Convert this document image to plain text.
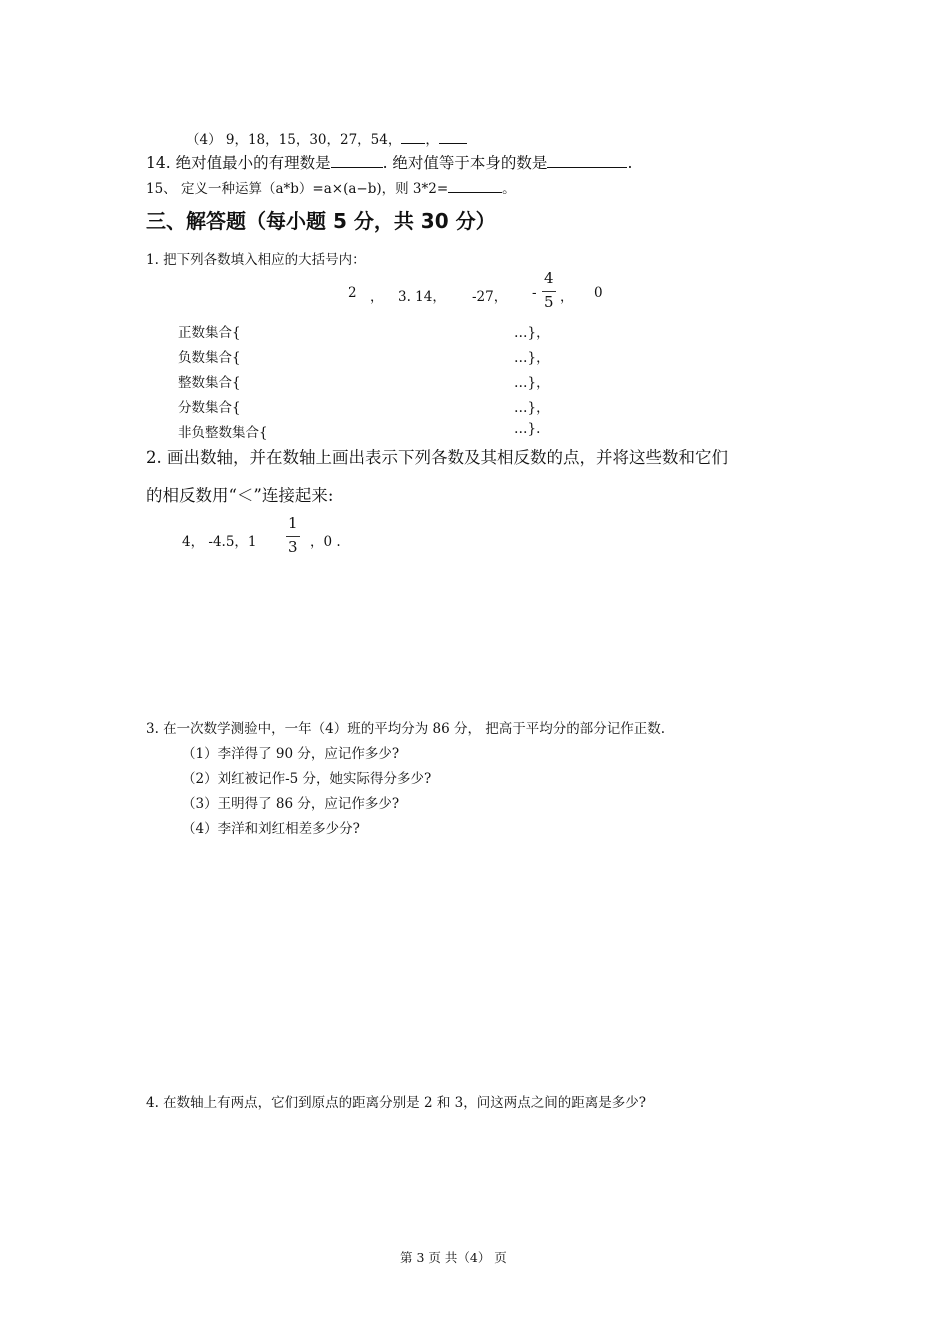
（4） 9，18，15，30，27，54， ，
14. 绝对值最小的有理数是	. 绝对值等于本身的数是	.
15、 定义一种运算（a*b）=a×(a−b)，则 3*2=	。
三、解答题（每小题 5 分，共 30 分）
1. 把下列各数填入相应的大括号内：
2 ， 3. 14， -27， -
4
5 ， 0
正数集合{	…}，
负数集合{	…}，
整数集合{	…}，
分数集合{	…}，
非负整数集合{	…}.
2. 画出数轴，并在数轴上画出表示下列各数及其相反数的点，并将这些数和它们
的相反数用“＜”连接起来:
4， -4.5，1
1
3 ，0 .
3. 在一次数学测验中，一年（4）班的平均分为 86 分， 把高于平均分的部分记作正数.
（1）李洋得了 90 分，应记作多少?
（2）刘红被记作-5 分，她实际得分多少?
（3）王明得了 86 分，应记作多少?
（4）李洋和刘红相差多少分?
4. 在数轴上有两点，它们到原点的距离分别是 2 和 3，问这两点之间的距离是多少?
第 3 页 共（4） 页
